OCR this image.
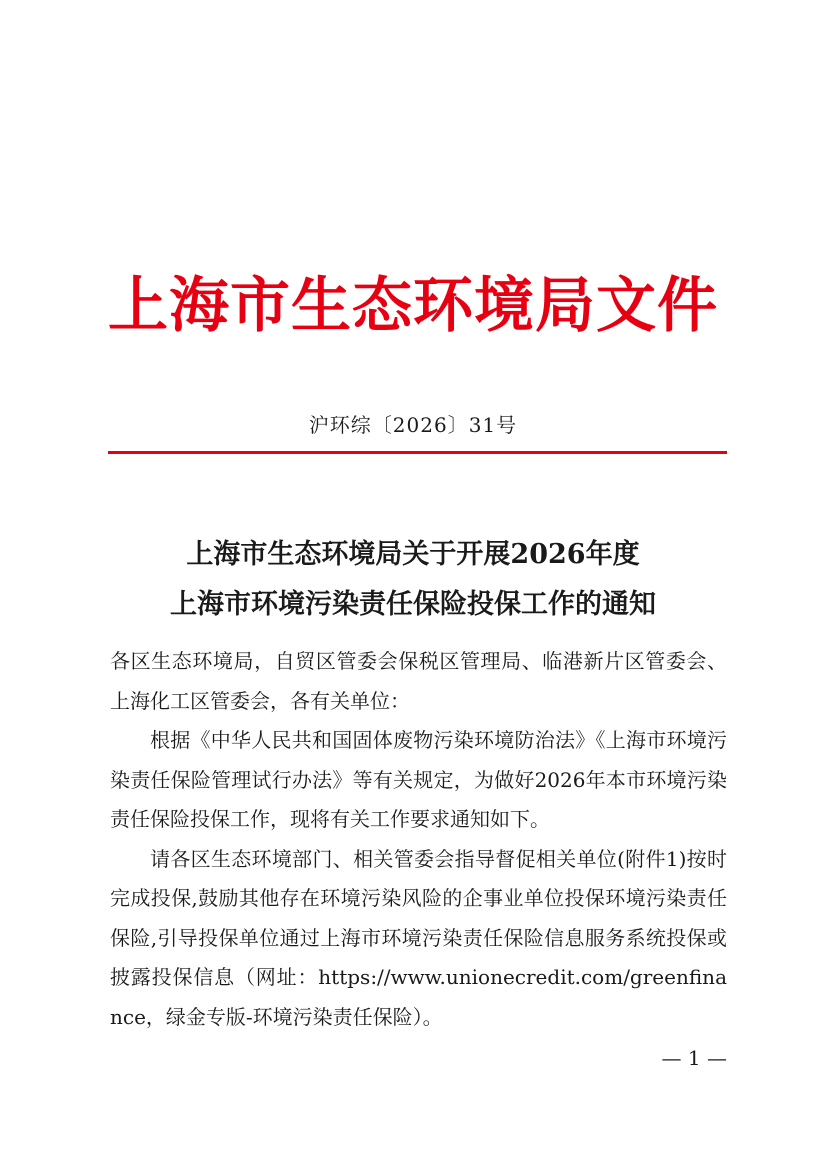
上海市生态环境局文件
沪环综〔2026〕31号
上海市生态环境局关于开展2026年度
上海市环境污染责任保险投保工作的通知

各区生态环境局，自贸区管委会保税区管理局、临港新片区管委会、上海化工区管委会，各有关单位：

根据《中华人民共和国固体废物污染环境防治法》《上海市环境污染责任保险管理试行办法》等有关规定，为做好2026年本市环境污染责任保险投保工作，现将有关工作要求通知如下。

请各区生态环境部门、相关管委会指导督促相关单位(附件1)按时完成投保,鼓励其他存在环境污染风险的企事业单位投保环境污染责任保险,引导投保单位通过上海市环境污染责任保险信息服务系统投保或披露投保信息（网址：https://www.unionecredit.com/greenfinance，绿金专版-环境污染责任保险）。

— 1 —
